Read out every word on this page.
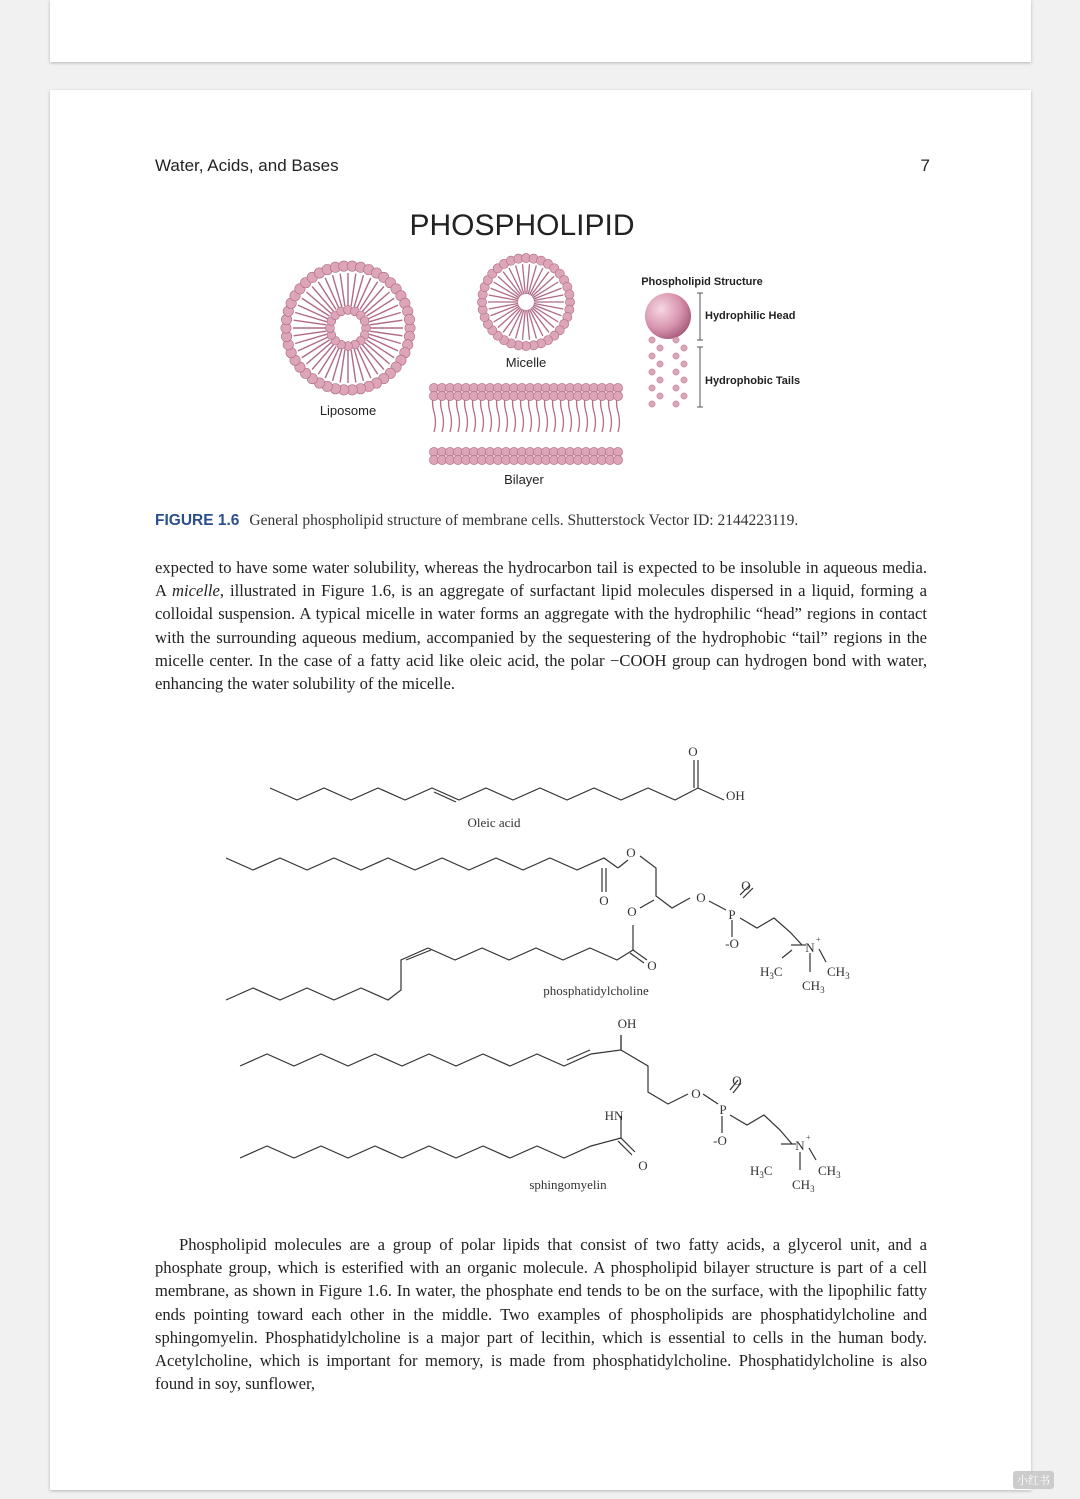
Water, Acids, and Bases	7
PHOSPHOLIPID
Liposome
Micelle
Bilayer
Phospholipid Structure
Hydrophilic Head
Hydrophobic Tails
FIGURE 1.6 General phospholipid structure of membrane cells. Shutterstock Vector ID: 2144223119.
expected to have some water solubility, whereas the hydrocarbon tail is expected to be insoluble in aqueous media. A micelle, illustrated in Figure 1.6, is an aggregate of surfactant lipid molecules dispersed in a liquid, forming a colloidal suspension. A typical micelle in water forms an aggregate with the hydrophilic “head” regions in contact with the surrounding aqueous medium, accompanied by the sequestering of the hydrophobic “tail” regions in the micelle center. In the case of a fatty acid like oleic acid, the polar −COOH group can hydrogen bond with water, enhancing the water solubility of the micelle.
O
OH
Oleic acid
O
O
O
O
P
O
-O
O
phosphatidylcholine
N
+
$H_3C$	$CH_3$
$CH_3$
OH
HN
O
P
O
-O
O
sphingomyelin
N
+
$H_3C$	$CH_3$
$CH_3$
Phospholipid molecules are a group of polar lipids that consist of two fatty acids, a glycerol unit, and a phosphate group, which is esterified with an organic molecule. A phospholipid bilayer structure is part of a cell membrane, as shown in Figure 1.6. In water, the phosphate end tends to be on the surface, with the lipophilic fatty ends pointing toward each other in the middle. Two examples of phospholipids are phosphatidylcholine and sphingomyelin. Phosphatidylcholine is a major part of lecithin, which is essential to cells in the human body. Acetylcholine, which is important for memory, is made from phosphatidylcholine. Phosphatidylcholine is also found in soy, sunflower,
小红书
